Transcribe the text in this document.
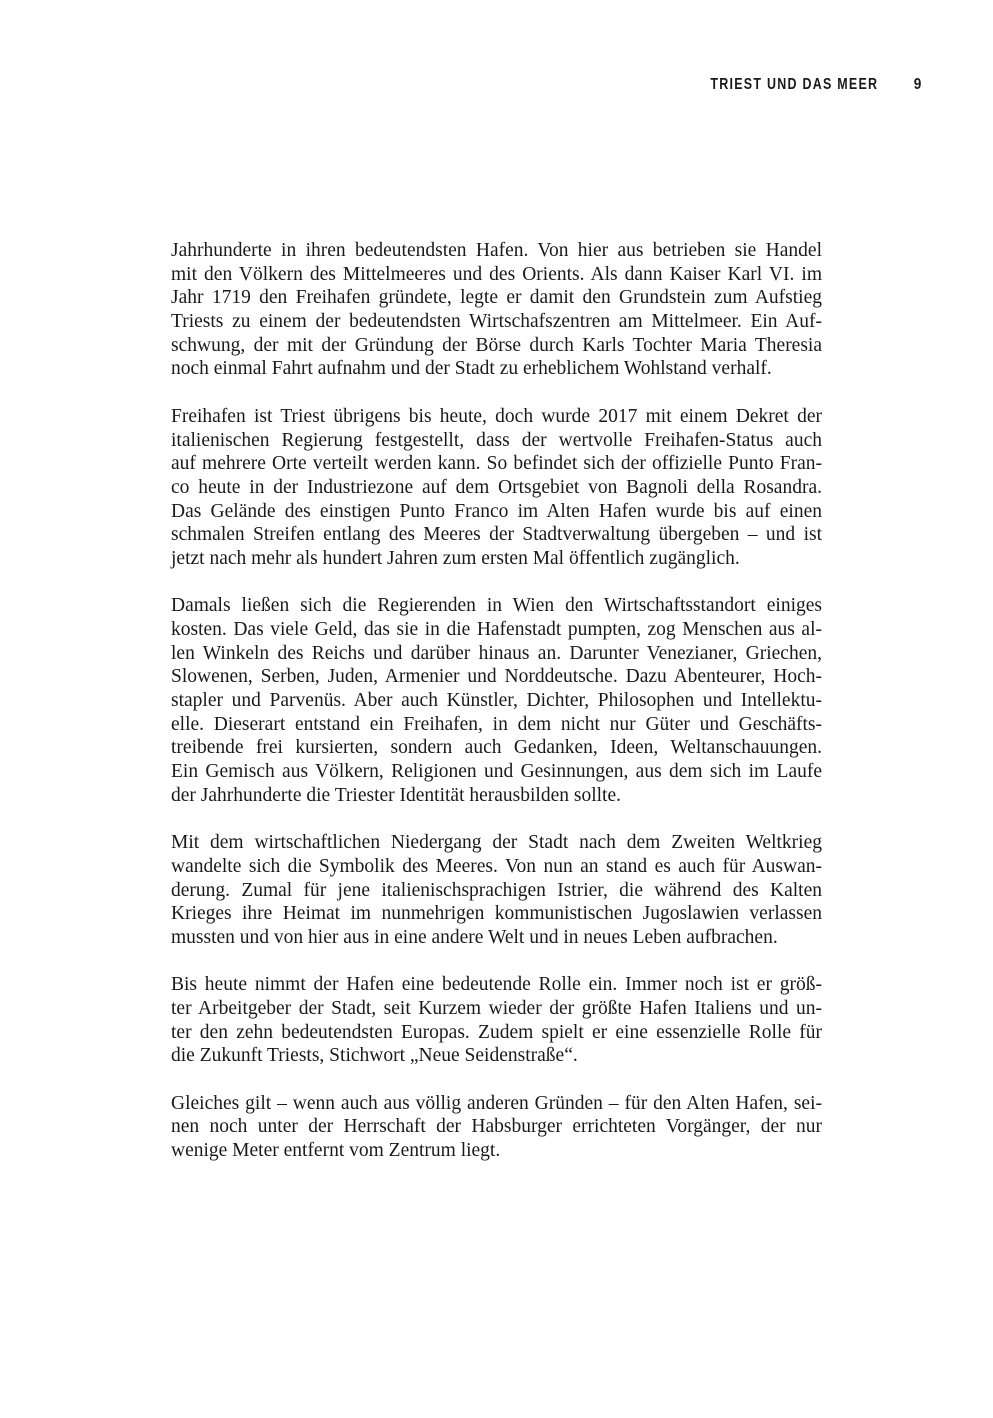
TRIEST UND DAS MEER 9

Jahrhunderte in ihren bedeutendsten Hafen. Von hier aus betrieben sie Handel
mit den Völkern des Mittelmeeres und des Orients. Als dann Kaiser Karl VI. im
Jahr 1719 den Freihafen gründete, legte er damit den Grundstein zum Aufstieg
Triests zu einem der bedeutendsten Wirtschafszentren am Mittelmeer. Ein Auf-
schwung, der mit der Gründung der Börse durch Karls Tochter Maria Theresia
noch einmal Fahrt aufnahm und der Stadt zu erheblichem Wohlstand verhalf.

Freihafen ist Triest übrigens bis heute, doch wurde 2017 mit einem Dekret der
italienischen Regierung festgestellt, dass der wertvolle Freihafen-Status auch
auf mehrere Orte verteilt werden kann. So befindet sich der offizielle Punto Fran-
co heute in der Industriezone auf dem Ortsgebiet von Bagnoli della Rosandra.
Das Gelände des einstigen Punto Franco im Alten Hafen wurde bis auf einen
schmalen Streifen entlang des Meeres der Stadtverwaltung übergeben – und ist
jetzt nach mehr als hundert Jahren zum ersten Mal öffentlich zugänglich.

Damals ließen sich die Regierenden in Wien den Wirtschaftsstandort einiges
kosten. Das viele Geld, das sie in die Hafenstadt pumpten, zog Menschen aus al-
len Winkeln des Reichs und darüber hinaus an. Darunter Venezianer, Griechen,
Slowenen, Serben, Juden, Armenier und Norddeutsche. Dazu Abenteurer, Hoch-
stapler und Parvenüs. Aber auch Künstler, Dichter, Philosophen und Intellektu-
elle. Dieserart entstand ein Freihafen, in dem nicht nur Güter und Geschäfts-
treibende frei kursierten, sondern auch Gedanken, Ideen, Weltanschauungen.
Ein Gemisch aus Völkern, Religionen und Gesinnungen, aus dem sich im Laufe
der Jahrhunderte die Triester Identität herausbilden sollte.

Mit dem wirtschaftlichen Niedergang der Stadt nach dem Zweiten Weltkrieg
wandelte sich die Symbolik des Meeres. Von nun an stand es auch für Auswan-
derung. Zumal für jene italienischsprachigen Istrier, die während des Kalten
Krieges ihre Heimat im nunmehrigen kommunistischen Jugoslawien verlassen
mussten und von hier aus in eine andere Welt und in neues Leben aufbrachen.

Bis heute nimmt der Hafen eine bedeutende Rolle ein. Immer noch ist er größ-
ter Arbeitgeber der Stadt, seit Kurzem wieder der größte Hafen Italiens und un-
ter den zehn bedeutendsten Europas. Zudem spielt er eine essenzielle Rolle für
die Zukunft Triests, Stichwort „Neue Seidenstraße“.

Gleiches gilt – wenn auch aus völlig anderen Gründen – für den Alten Hafen, sei-
nen noch unter der Herrschaft der Habsburger errichteten Vorgänger, der nur
wenige Meter entfernt vom Zentrum liegt.
